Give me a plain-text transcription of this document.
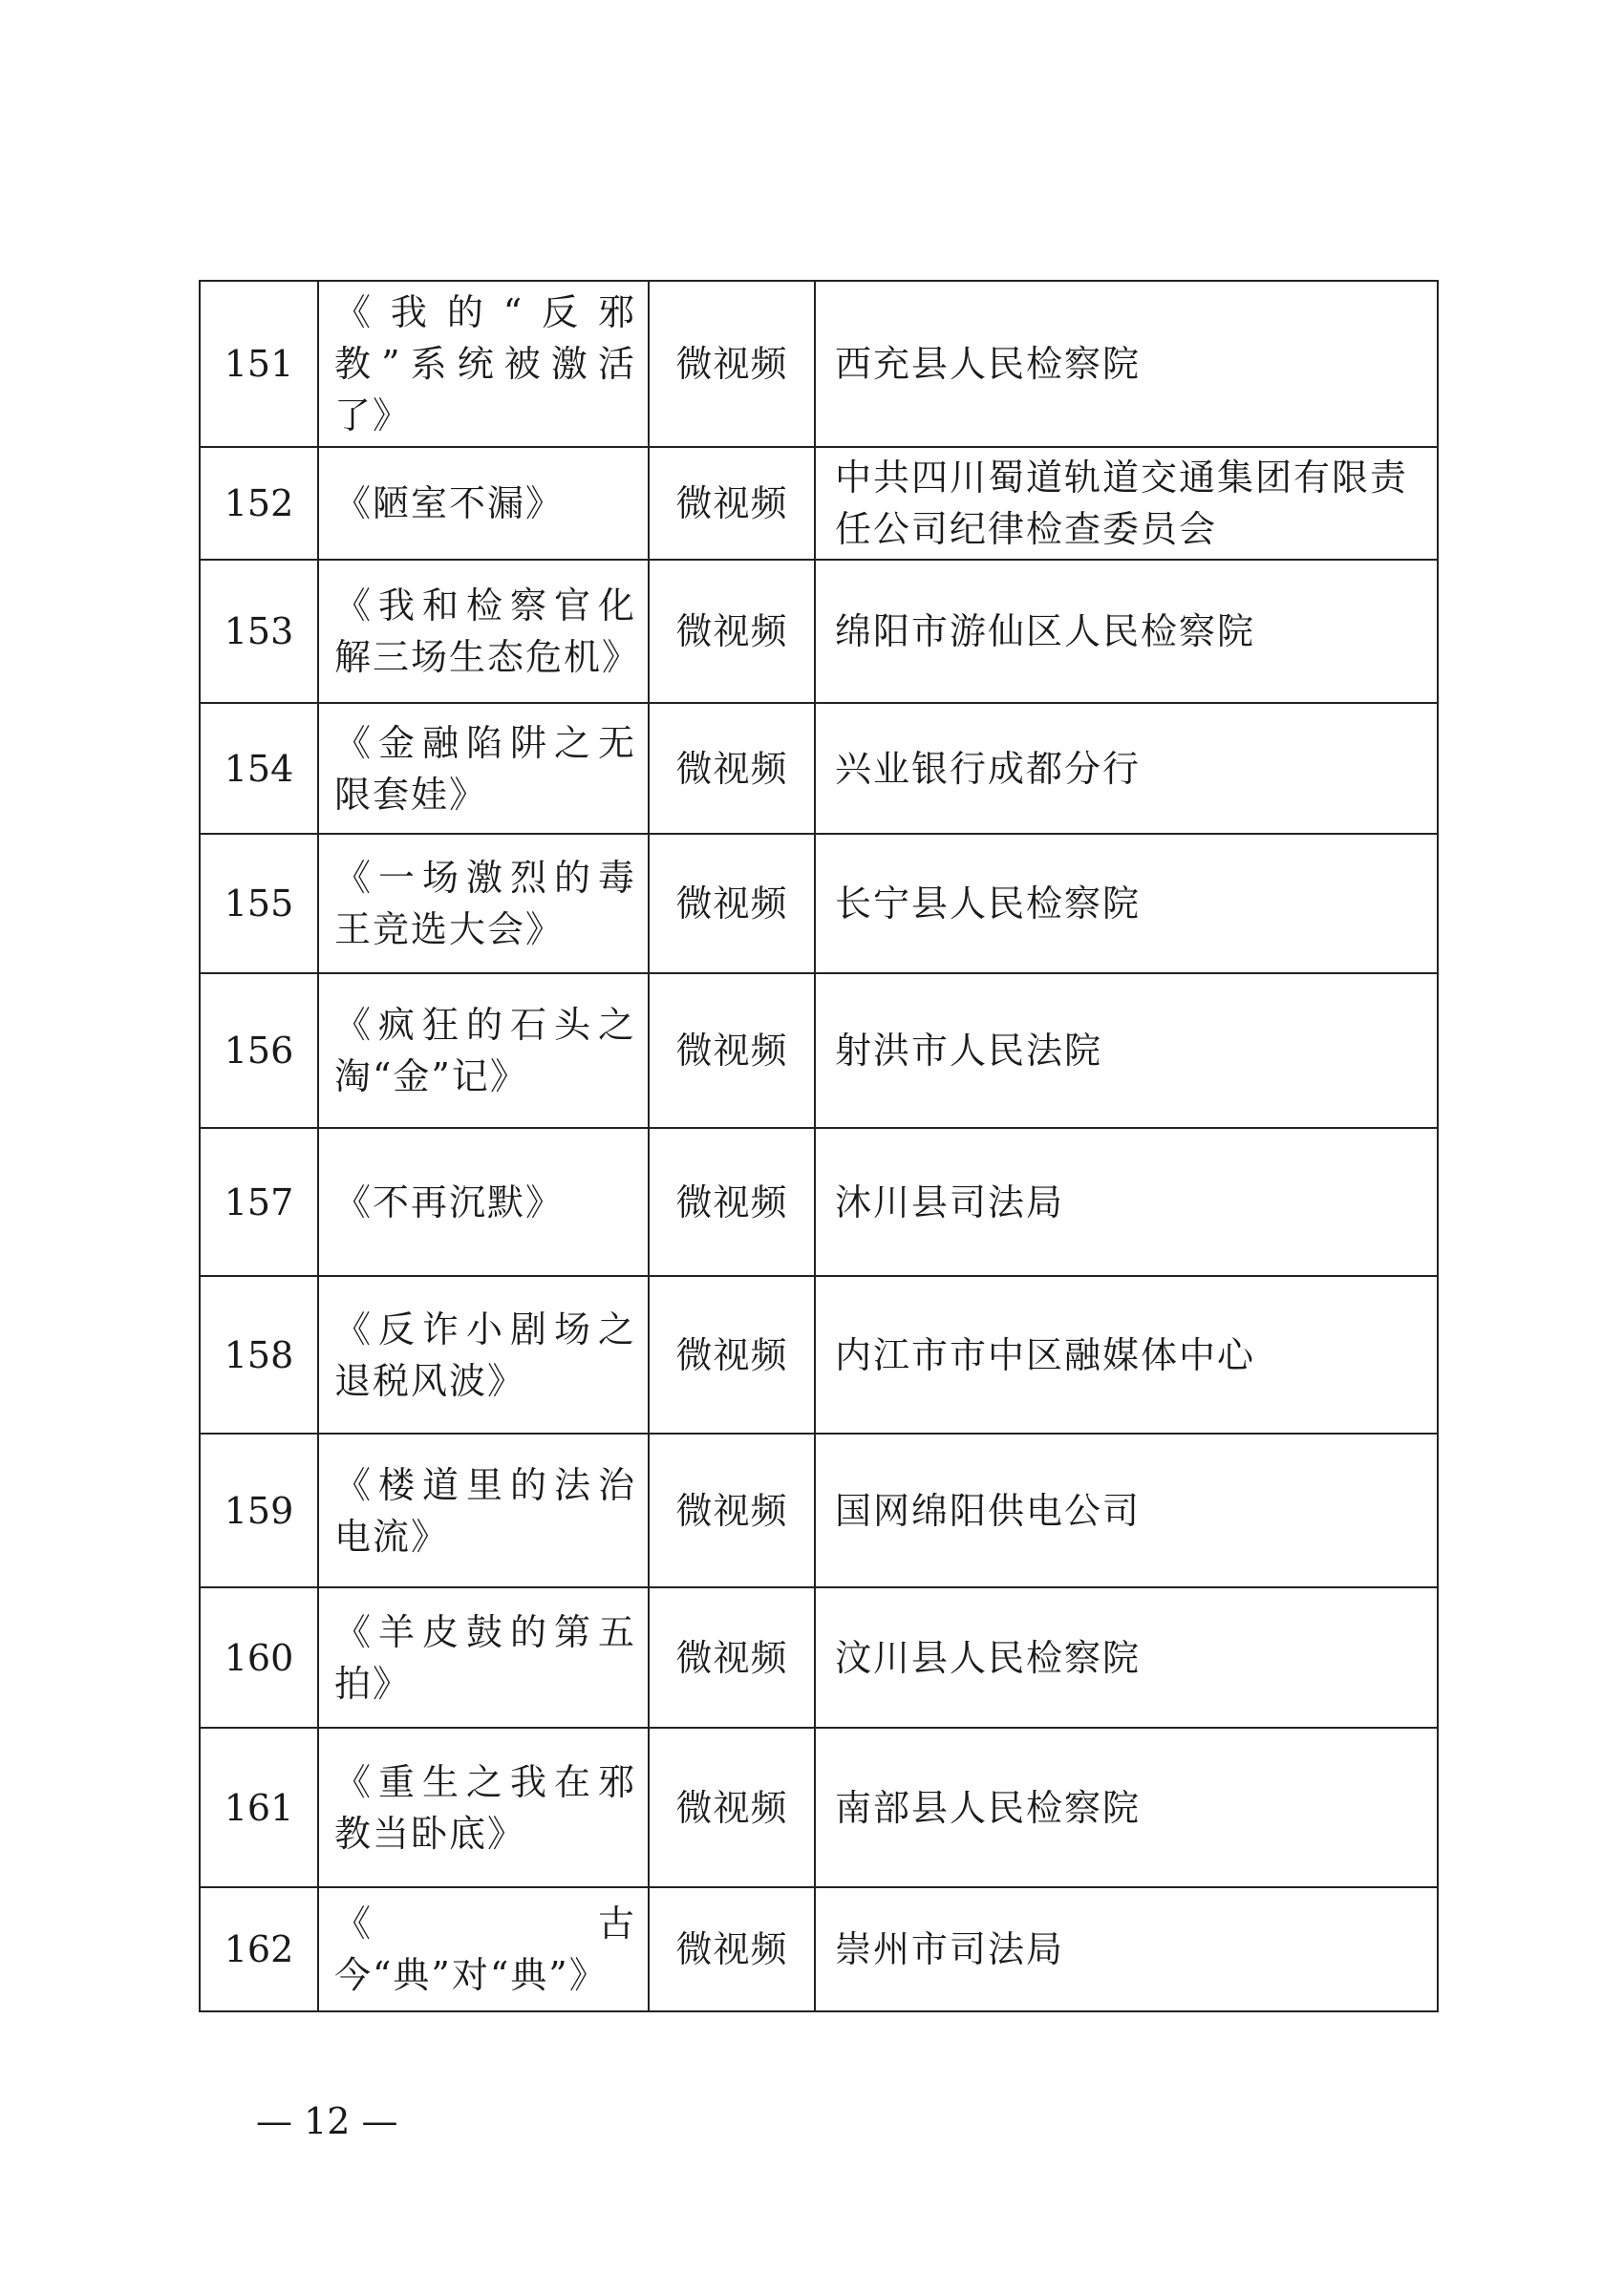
151	《我的“反邪教”系统被激活了》	微视频	西充县人民检察院
152	《陋室不漏》	微视频	中共四川蜀道轨道交通集团有限责任公司纪律检查委员会
153	《我和检察官化解三场生态危机》	微视频	绵阳市游仙区人民检察院
154	《金融陷阱之无限套娃》	微视频	兴业银行成都分行
155	《一场激烈的毒王竞选大会》	微视频	长宁县人民检察院
156	《疯狂的石头之淘“金”记》	微视频	射洪市人民法院
157	《不再沉默》	微视频	沐川县司法局
158	《反诈小剧场之退税风波》	微视频	内江市市中区融媒体中心
159	《楼道里的法治电流》	微视频	国网绵阳供电公司
160	《羊皮鼓的第五拍》	微视频	汶川县人民检察院
161	《重生之我在邪教当卧底》	微视频	南部县人民检察院
162	《古今“典”对“典”》	微视频	崇州市司法局
— 12 —
